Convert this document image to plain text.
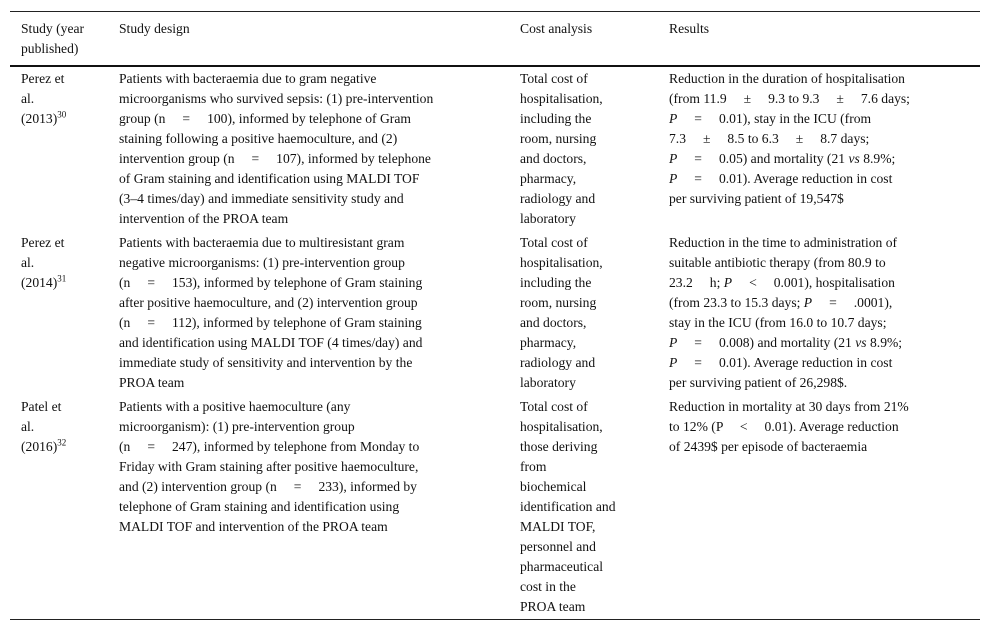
Study (year
published)
Study design	Cost analysis	Results
Perez et
al.
$(2013)^{30}$
Patients with bacteraemia due to gram negative
microorganisms who survived sepsis: (1) pre-intervention
group (n     =     100), informed by telephone of Gram
staining following a positive haemoculture, and (2)
intervention group (n     =     107), informed by telephone
of Gram staining and identification using MALDI TOF
(3–4 times/day) and immediate sensitivity study and
intervention of the PROA team
Total cost of
hospitalisation,
including the
room, nursing
and doctors,
pharmacy,
radiology and
laboratory
Reduction in the duration of hospitalisation
(from 11.9     ±     9.3 to 9.3     ±     7.6 days;
P     =     0.01), stay in the ICU (from
7.3     ±     8.5 to 6.3     ±     8.7 days;
P     =     0.05) and mortality (21 vs 8.9%;
P     =     0.01). Average reduction in cost
per surviving patient of 19,547$
Perez et
al.
$(2014)^{31}$
Patients with bacteraemia due to multiresistant gram
negative microorganisms: (1) pre-intervention group
(n     =     153), informed by telephone of Gram staining
after positive haemoculture, and (2) intervention group
(n     =     112), informed by telephone of Gram staining
and identification using MALDI TOF (4 times/day) and
immediate study of sensitivity and intervention by the
PROA team
Total cost of
hospitalisation,
including the
room, nursing
and doctors,
pharmacy,
radiology and
laboratory
Reduction in the time to administration of
suitable antibiotic therapy (from 80.9 to
23.2     h; P     <     0.001), hospitalisation
(from 23.3 to 15.3 days; P     =     .0001),
stay in the ICU (from 16.0 to 10.7 days;
P     =     0.008) and mortality (21 vs 8.9%;
P     =     0.01). Average reduction in cost
per surviving patient of 26,298$.
Patel et
al.
$(2016)^{32}$
Patients with a positive haemoculture (any
microorganism): (1) pre-intervention group
(n     =     247), informed by telephone from Monday to
Friday with Gram staining after positive haemoculture,
and (2) intervention group (n     =     233), informed by
telephone of Gram staining and identification using
MALDI TOF and intervention of the PROA team
Total cost of
hospitalisation,
those deriving
from
biochemical
identification and
MALDI TOF,
personnel and
pharmaceutical
cost in the
PROA team
Reduction in mortality at 30 days from 21%
to 12% (P     <     0.01). Average reduction
of 2439$ per episode of bacteraemia
